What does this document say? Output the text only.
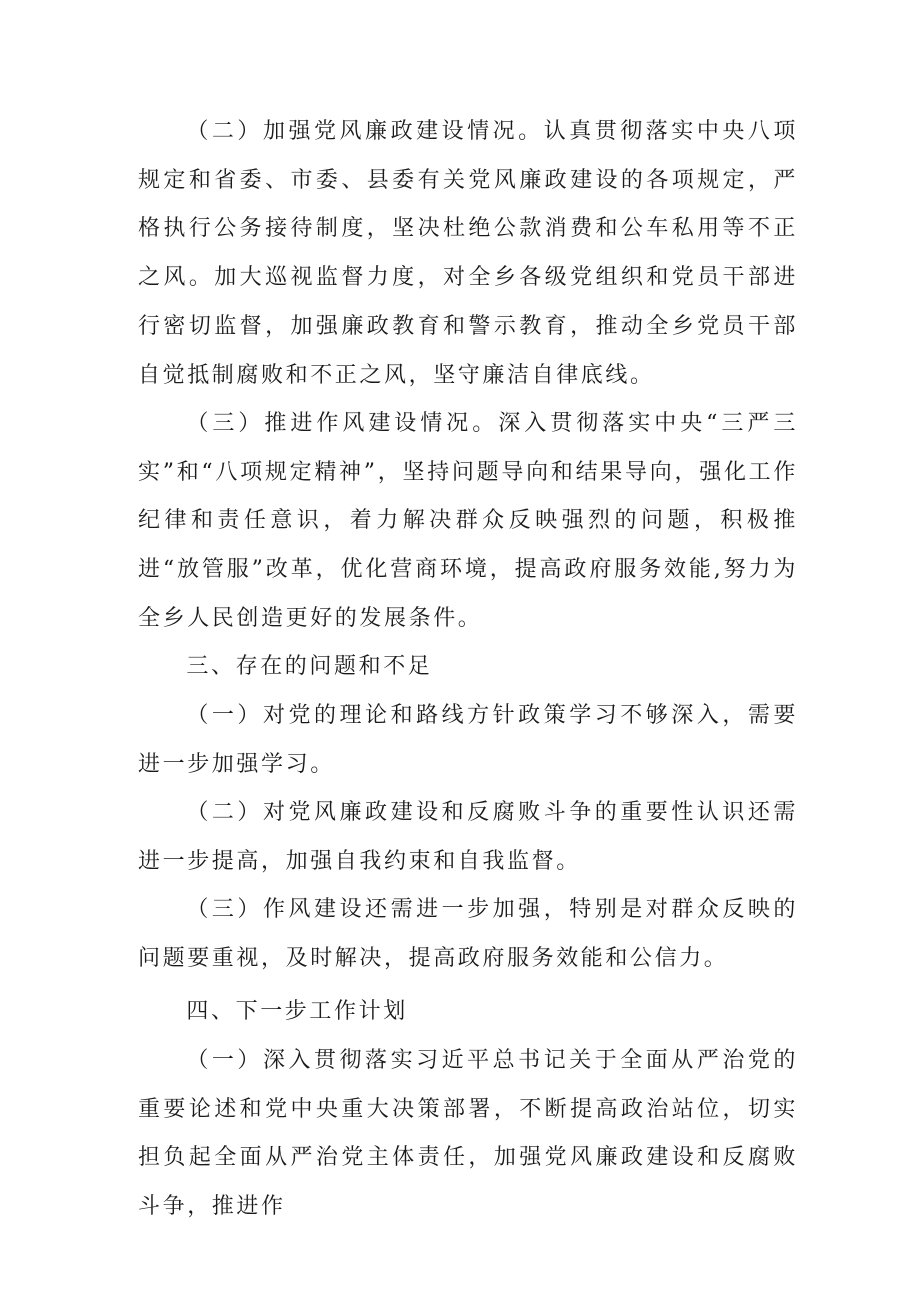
（二）加强党风廉政建设情况。认真贯彻落实中央八项规定和省委、市委、县委有关党风廉政建设的各项规定，严格执行公务接待制度，坚决杜绝公款消费和公车私用等不正之风。加大巡视监督力度，对全乡各级党组织和党员干部进行密切监督，加强廉政教育和警示教育，推动全乡党员干部自觉抵制腐败和不正之风，坚守廉洁自律底线。

（三）推进作风建设情况。深入贯彻落实中央“三严三实”和“八项规定精神”，坚持问题导向和结果导向，强化工作纪律和责任意识，着力解决群众反映强烈的问题，积极推进“放管服”改革，优化营商环境，提高政府服务效能,努力为全乡人民创造更好的发展条件。

三、存在的问题和不足

（一）对党的理论和路线方针政策学习不够深入，需要进一步加强学习。

（二）对党风廉政建设和反腐败斗争的重要性认识还需进一步提高，加强自我约束和自我监督。

（三）作风建设还需进一步加强，特别是对群众反映的问题要重视，及时解决，提高政府服务效能和公信力。

四、下一步工作计划

（一）深入贯彻落实习近平总书记关于全面从严治党的重要论述和党中央重大决策部署，不断提高政治站位，切实担负起全面从严治党主体责任，加强党风廉政建设和反腐败斗争，推进作
